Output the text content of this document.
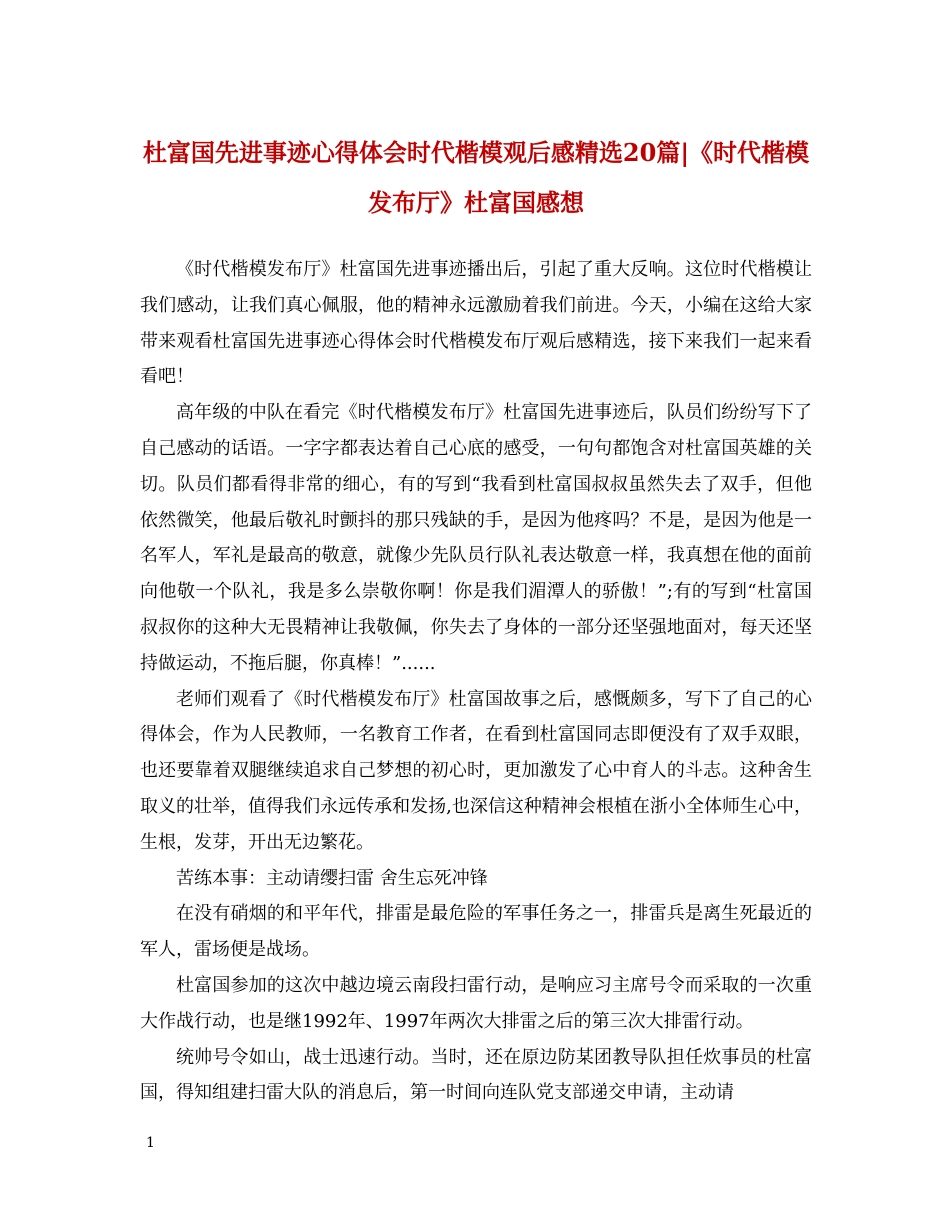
杜富国先进事迹心得体会时代楷模观后感精选20篇|《时代楷模发布厅》杜富国感想

《时代楷模发布厅》杜富国先进事迹播出后，引起了重大反响。这位时代楷模让我们感动，让我们真心佩服，他的精神永远激励着我们前进。今天，小编在这给大家带来观看杜富国先进事迹心得体会时代楷模发布厅观后感精选，接下来我们一起来看看吧！

高年级的中队在看完《时代楷模发布厅》杜富国先进事迹后，队员们纷纷写下了自己感动的话语。一字字都表达着自己心底的感受，一句句都饱含对杜富国英雄的关切。队员们都看得非常的细心，有的写到“我看到杜富国叔叔虽然失去了双手，但他依然微笑，他最后敬礼时颤抖的那只残缺的手，是因为他疼吗？不是，是因为他是一名军人，军礼是最高的敬意，就像少先队员行队礼表达敬意一样，我真想在他的面前向他敬一个队礼，我是多么崇敬你啊！你是我们湄潭人的骄傲！”;有的写到“杜富国叔叔你的这种大无畏精神让我敬佩，你失去了身体的一部分还坚强地面对，每天还坚持做运动，不拖后腿，你真棒！”......

老师们观看了《时代楷模发布厅》杜富国故事之后，感慨颇多，写下了自己的心得体会，作为人民教师，一名教育工作者，在看到杜富国同志即便没有了双手双眼，也还要靠着双腿继续追求自己梦想的初心时，更加激发了心中育人的斗志。这种舍生取义的壮举，值得我们永远传承和发扬,也深信这种精神会根植在浙小全体师生心中，生根，发芽，开出无边繁花。

苦练本事：主动请缨扫雷 舍生忘死冲锋

在没有硝烟的和平年代，排雷是最危险的军事任务之一，排雷兵是离生死最近的军人，雷场便是战场。

杜富国参加的这次中越边境云南段扫雷行动，是响应习主席号令而采取的一次重大作战行动，也是继1992年、1997年两次大排雷之后的第三次大排雷行动。

统帅号令如山，战士迅速行动。当时，还在原边防某团教导队担任炊事员的杜富国，得知组建扫雷大队的消息后，第一时间向连队党支部递交申请，主动请

1
